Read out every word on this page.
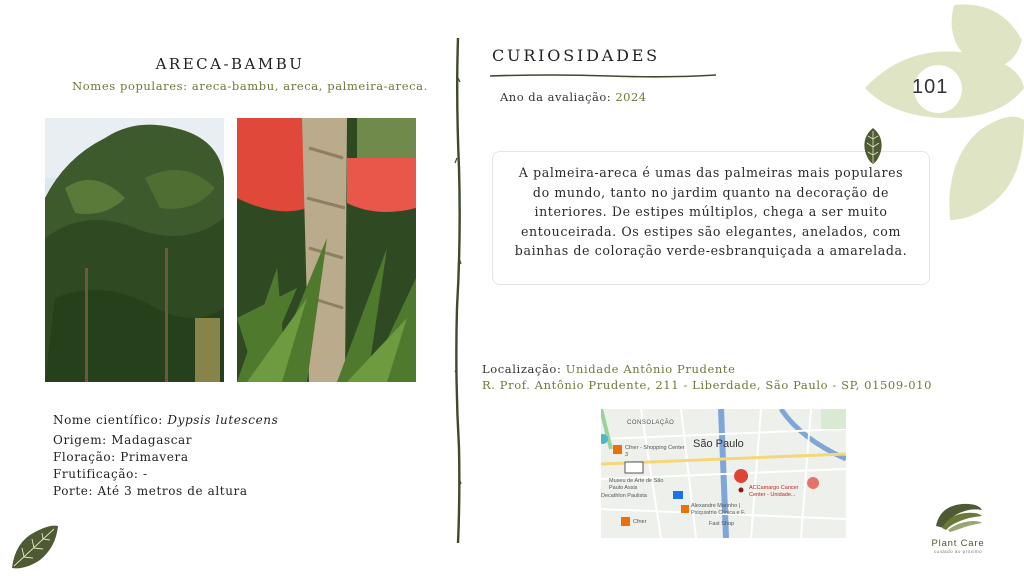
ARECA-BAMBU
Nomes populares: areca-bambu, areca, palmeira-areca.
Nome científico: Dypsis lutescens
Origem: Madagascar
Floração: Primavera
Frutificação: -
Porte: Até 3 metros de altura
CURIOSIDADES
Ano da avaliação: 2024
A palmeira-areca é umas das palmeiras mais populares do mundo, tanto no jardim quanto na decoração de interiores. De estipes múltiplos, chega a ser muito entouceirada. Os estipes são elegantes, anelados, com bainhas de coloração verde-esbranquiçada a amarelada.
Localização: Unidade Antônio Prudente
R. Prof. Antônio Prudente, 211 - Liberdade, São Paulo - SP, 01509-010
CONSOLAÇÃO
São Paulo
Cfner - Shopping Center 3
Museu de Arte de São Paulo Assis
Decathlon Paulista
Alexandre Marinho | Psiquiatria Clínica e F.
ACCamargo Cancer Center - Unidade...
Cfner	Fast Shop
101
Plant Care
cuidado ao próximo
